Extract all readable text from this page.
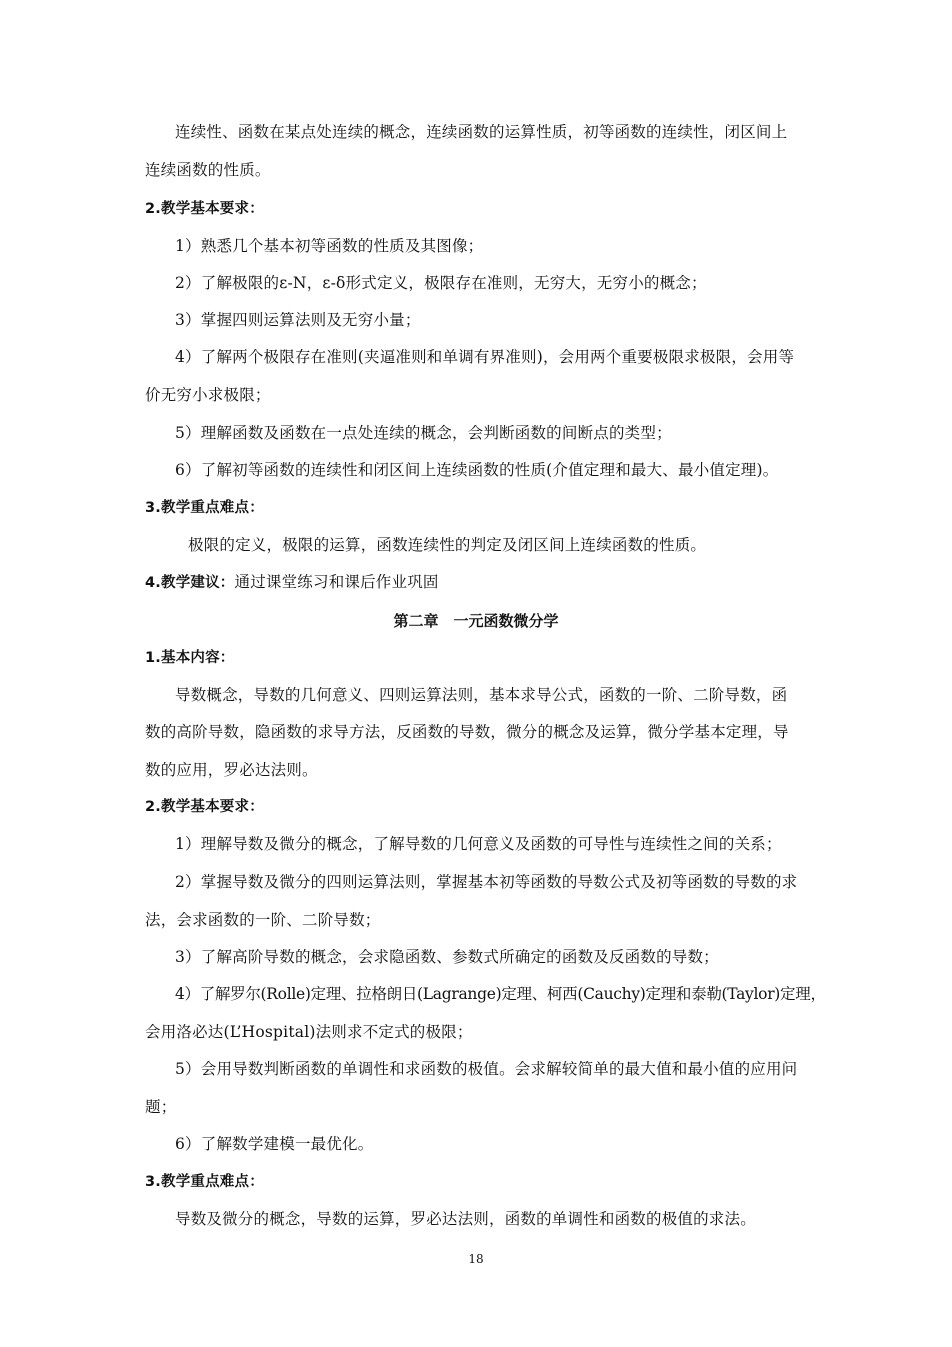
连续性、函数在某点处连续的概念，连续函数的运算性质，初等函数的连续性，闭区间上
连续函数的性质。
2.教学基本要求：
1）熟悉几个基本初等函数的性质及其图像；
2）了解极限的ε-N，ε-δ形式定义，极限存在准则，无穷大，无穷小的概念；
3）掌握四则运算法则及无穷小量；
4）了解两个极限存在准则(夹逼准则和单调有界准则)，会用两个重要极限求极限，会用等
价无穷小求极限；
5）理解函数及函数在一点处连续的概念，会判断函数的间断点的类型；
6）了解初等函数的连续性和闭区间上连续函数的性质(介值定理和最大、最小值定理)。
3.教学重点难点：
极限的定义，极限的运算，函数连续性的判定及闭区间上连续函数的性质。
4.教学建议：通过课堂练习和课后作业巩固
第二章　一元函数微分学
1.基本内容：
导数概念，导数的几何意义、四则运算法则，基本求导公式，函数的一阶、二阶导数，函
数的高阶导数，隐函数的求导方法，反函数的导数，微分的概念及运算，微分学基本定理，导
数的应用，罗必达法则。
2.教学基本要求：
1）理解导数及微分的概念，了解导数的几何意义及函数的可导性与连续性之间的关系；
2）掌握导数及微分的四则运算法则，掌握基本初等函数的导数公式及初等函数的导数的求
法，会求函数的一阶、二阶导数；
3）了解高阶导数的概念，会求隐函数、参数式所确定的函数及反函数的导数；
4）了解罗尔(Rolle)定理、拉格朗日(Lagrange)定理、柯西(Cauchy)定理和泰勒(Taylor)定理，
会用洛必达(L’Hospital)法则求不定式的极限；
5）会用导数判断函数的单调性和求函数的极值。会求解较简单的最大值和最小值的应用问
题；
6）了解数学建模一最优化。
3.教学重点难点：
导数及微分的概念，导数的运算，罗必达法则，函数的单调性和函数的极值的求法。
18
